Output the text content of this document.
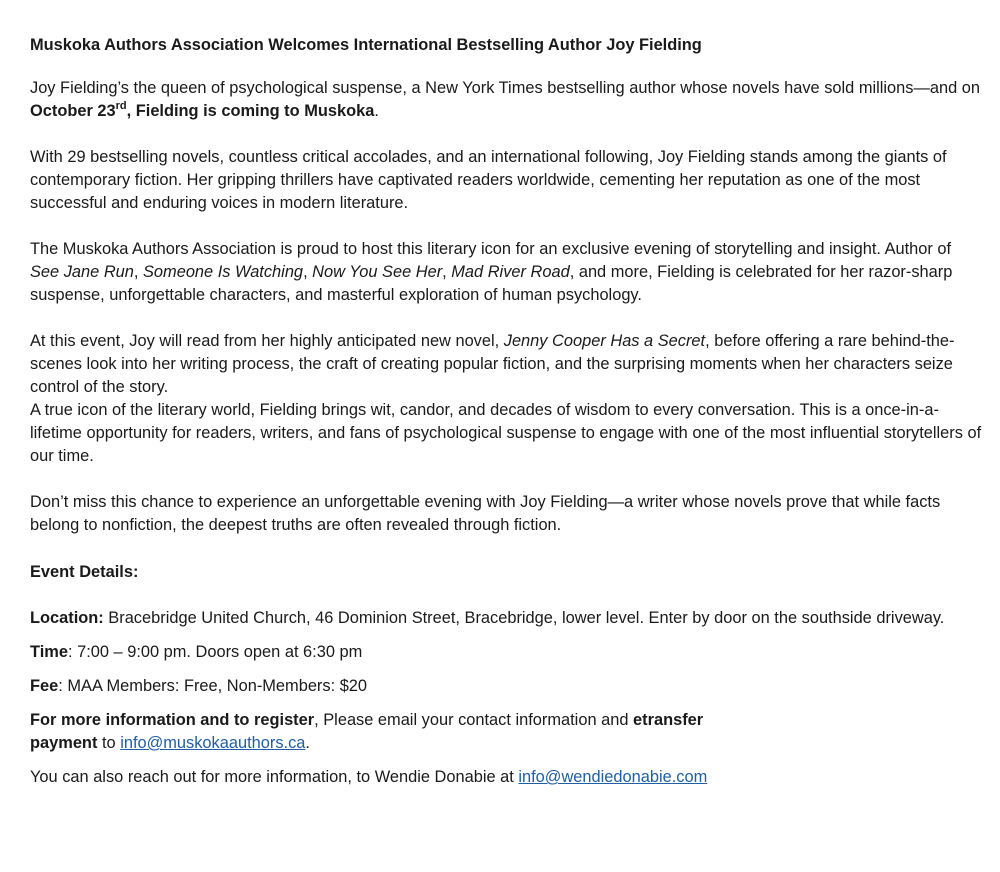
Muskoka Authors Association Welcomes International Bestselling Author Joy Fielding

Joy Fielding’s the queen of psychological suspense, a New York Times bestselling author whose novels have sold millions—and on October 23rd, Fielding is coming to Muskoka.

With 29 bestselling novels, countless critical accolades, and an international following, Joy Fielding stands among the giants of contemporary fiction. Her gripping thrillers have captivated readers worldwide, cementing her reputation as one of the most successful and enduring voices in modern literature.

The Muskoka Authors Association is proud to host this literary icon for an exclusive evening of storytelling and insight. Author of See Jane Run, Someone Is Watching, Now You See Her, Mad River Road, and more, Fielding is celebrated for her razor-sharp suspense, unforgettable characters, and masterful exploration of human psychology.

At this event, Joy will read from her highly anticipated new novel, Jenny Cooper Has a Secret, before offering a rare behind-the-scenes look into her writing process, the craft of creating popular fiction, and the surprising moments when her characters seize control of the story.

A true icon of the literary world, Fielding brings wit, candor, and decades of wisdom to every conversation. This is a once-in-a-lifetime opportunity for readers, writers, and fans of psychological suspense to engage with one of the most influential storytellers of our time.

Don’t miss this chance to experience an unforgettable evening with Joy Fielding—a writer whose novels prove that while facts belong to nonfiction, the deepest truths are often revealed through fiction.

Event Details:

Location: Bracebridge United Church, 46 Dominion Street, Bracebridge, lower level. Enter by door on the southside driveway.

Time: 7:00 – 9:00 pm. Doors open at 6:30 pm

Fee: MAA Members: Free, Non-Members: $20

For more information and to register, Please email your contact information and etransfer payment to info@muskokaauthors.ca.

You can also reach out for more information, to Wendie Donabie at info@wendiedonabie.com
